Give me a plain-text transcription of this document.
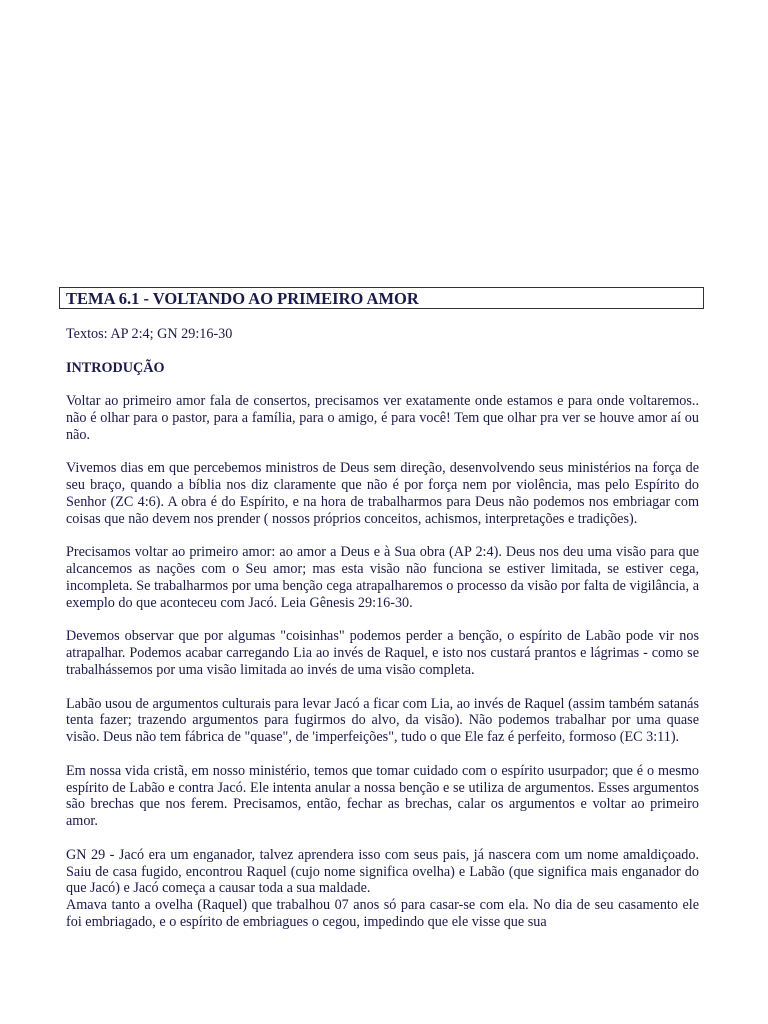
TEMA 6.1 - VOLTANDO AO PRIMEIRO AMOR

Textos: AP 2:4; GN 29:16-30

INTRODUÇÃO

Voltar ao primeiro amor fala de consertos, precisamos ver exatamente onde estamos e para onde voltaremos.. não é olhar para o pastor, para a família, para o amigo, é para você! Tem que olhar pra ver se houve amor aí ou não.

Vivemos dias em que percebemos ministros de Deus sem direção, desenvolvendo seus ministérios na força de seu braço, quando a bíblia nos diz claramente que não é por força nem por violência, mas pelo Espírito do Senhor (ZC 4:6). A obra é do Espírito, e na hora de trabalharmos para Deus não podemos nos embriagar com coisas que não devem nos prender ( nossos próprios conceitos, achismos, interpretações e tradições).

Precisamos voltar ao primeiro amor: ao amor a Deus e à Sua obra (AP 2:4). Deus nos deu uma visão para que alcancemos as nações com o Seu amor; mas esta visão não funciona se estiver limitada, se estiver cega, incompleta. Se trabalharmos por uma benção cega atrapalharemos o processo da visão por falta de vigilância, a exemplo do que aconteceu com Jacó. Leia Gênesis 29:16-30.

Devemos observar que por algumas "coisinhas" podemos perder a benção, o espírito de Labão pode vir nos atrapalhar. Podemos acabar carregando Lia ao invés de Raquel, e isto nos custará prantos e lágrimas - como se trabalhássemos por uma visão limitada ao invés de uma visão completa.

Labão usou de argumentos culturais para levar Jacó a ficar com Lia, ao invés de Raquel (assim também satanás tenta fazer; trazendo argumentos para fugirmos do alvo, da visão). Não podemos trabalhar por uma quase visão. Deus não tem fábrica de "quase", de 'imperfeições", tudo o que Ele faz é perfeito, formoso (EC 3:11).

Em nossa vida cristã, em nosso ministério, temos que tomar cuidado com o espírito usurpador; que é o mesmo espírito de Labão e contra Jacó. Ele intenta anular a nossa benção e se utiliza de argumentos. Esses argumentos são brechas que nos ferem. Precisamos, então, fechar as brechas, calar os argumentos e voltar ao primeiro amor.

GN 29 - Jacó era um enganador, talvez aprendera isso com seus pais, já nascera com um nome amaldiçoado. Saiu de casa fugido, encontrou Raquel (cujo nome significa ovelha) e Labão (que significa mais enganador do que Jacó) e Jacó começa a causar toda a sua maldade.

Amava tanto a ovelha (Raquel) que trabalhou 07 anos só para casar-se com ela. No dia de seu casamento ele foi embriagado, e o espírito de embriagues o cegou, impedindo que ele visse que sua
